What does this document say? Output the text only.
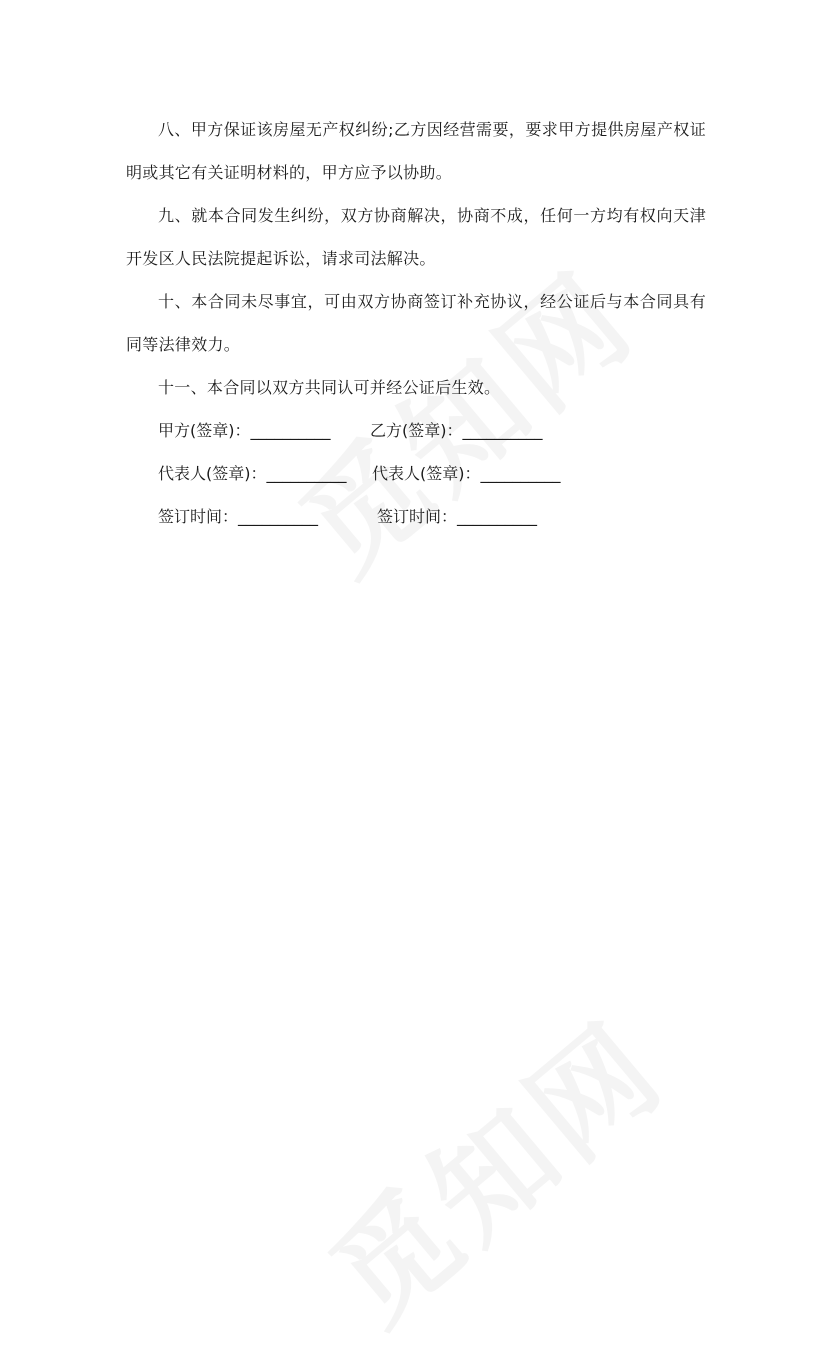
八、甲方保证该房屋无产权纠纷;乙方因经营需要，要求甲方提供房屋产权证明或其它有关证明材料的，甲方应予以协助。

九、就本合同发生纠纷，双方协商解决，协商不成，任何一方均有权向天津开发区人民法院提起诉讼，请求司法解决。

十、本合同未尽事宜，可由双方协商签订补充协议，经公证后与本合同具有同等法律效力。

十一、本合同以双方共同认可并经公证后生效。

甲方(签章)：__________ 乙方(签章)：__________
代表人(签章)：__________ 代表人(签章)：__________
签订时间：__________	签订时间：__________
